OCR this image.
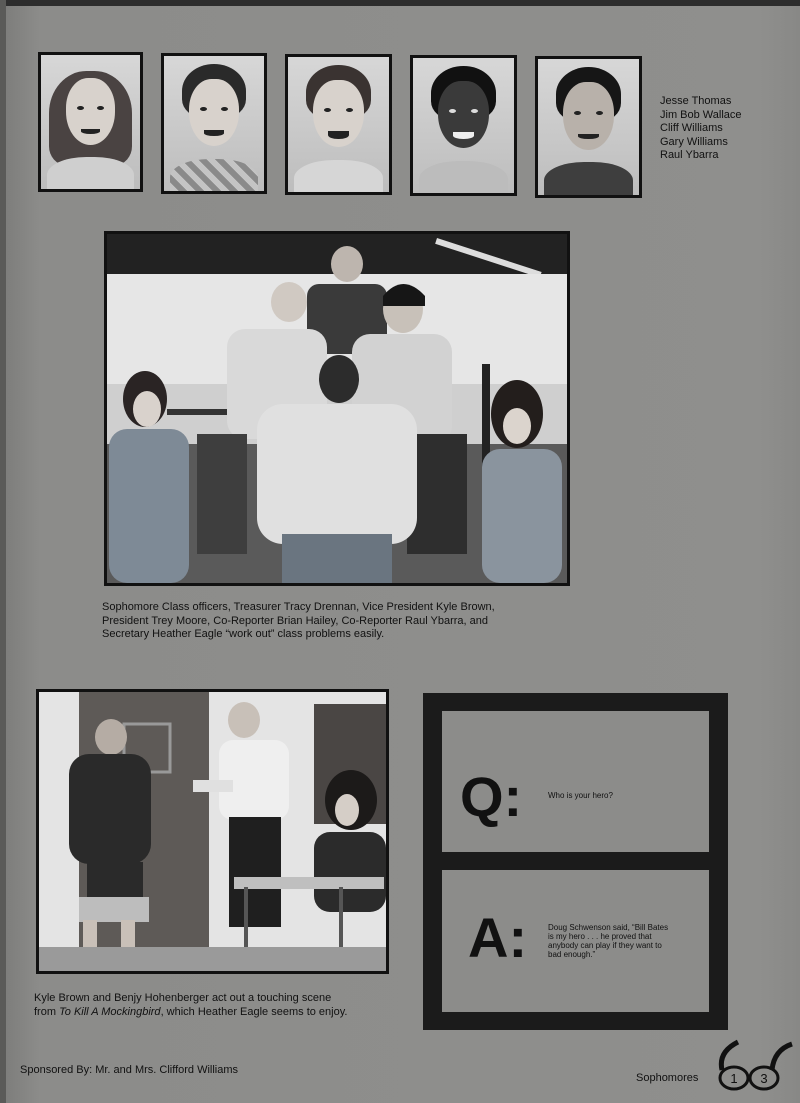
Jesse Thomas
Jim Bob Wallace
Cliff Williams
Gary Williams
Raul Ybarra
Sophomore Class officers, Treasurer Tracy Drennan, Vice President Kyle Brown,
President Trey Moore, Co-Reporter Brian Hailey, Co-Reporter Raul Ybarra, and
Secretary Heather Eagle “work out” class problems easily.
Kyle Brown and Benjy Hohenberger act out a touching scene
from To Kill A Mockingbird, which Heather Eagle seems to enjoy.
Q:	Who is your hero?
A:	Doug Schwenson said, “Bill Bates
is my hero . . . he proved that
anybody can play if they want to
bad enough.”
Sponsored By: Mr. and Mrs. Clifford Williams
Sophomores 1 3
